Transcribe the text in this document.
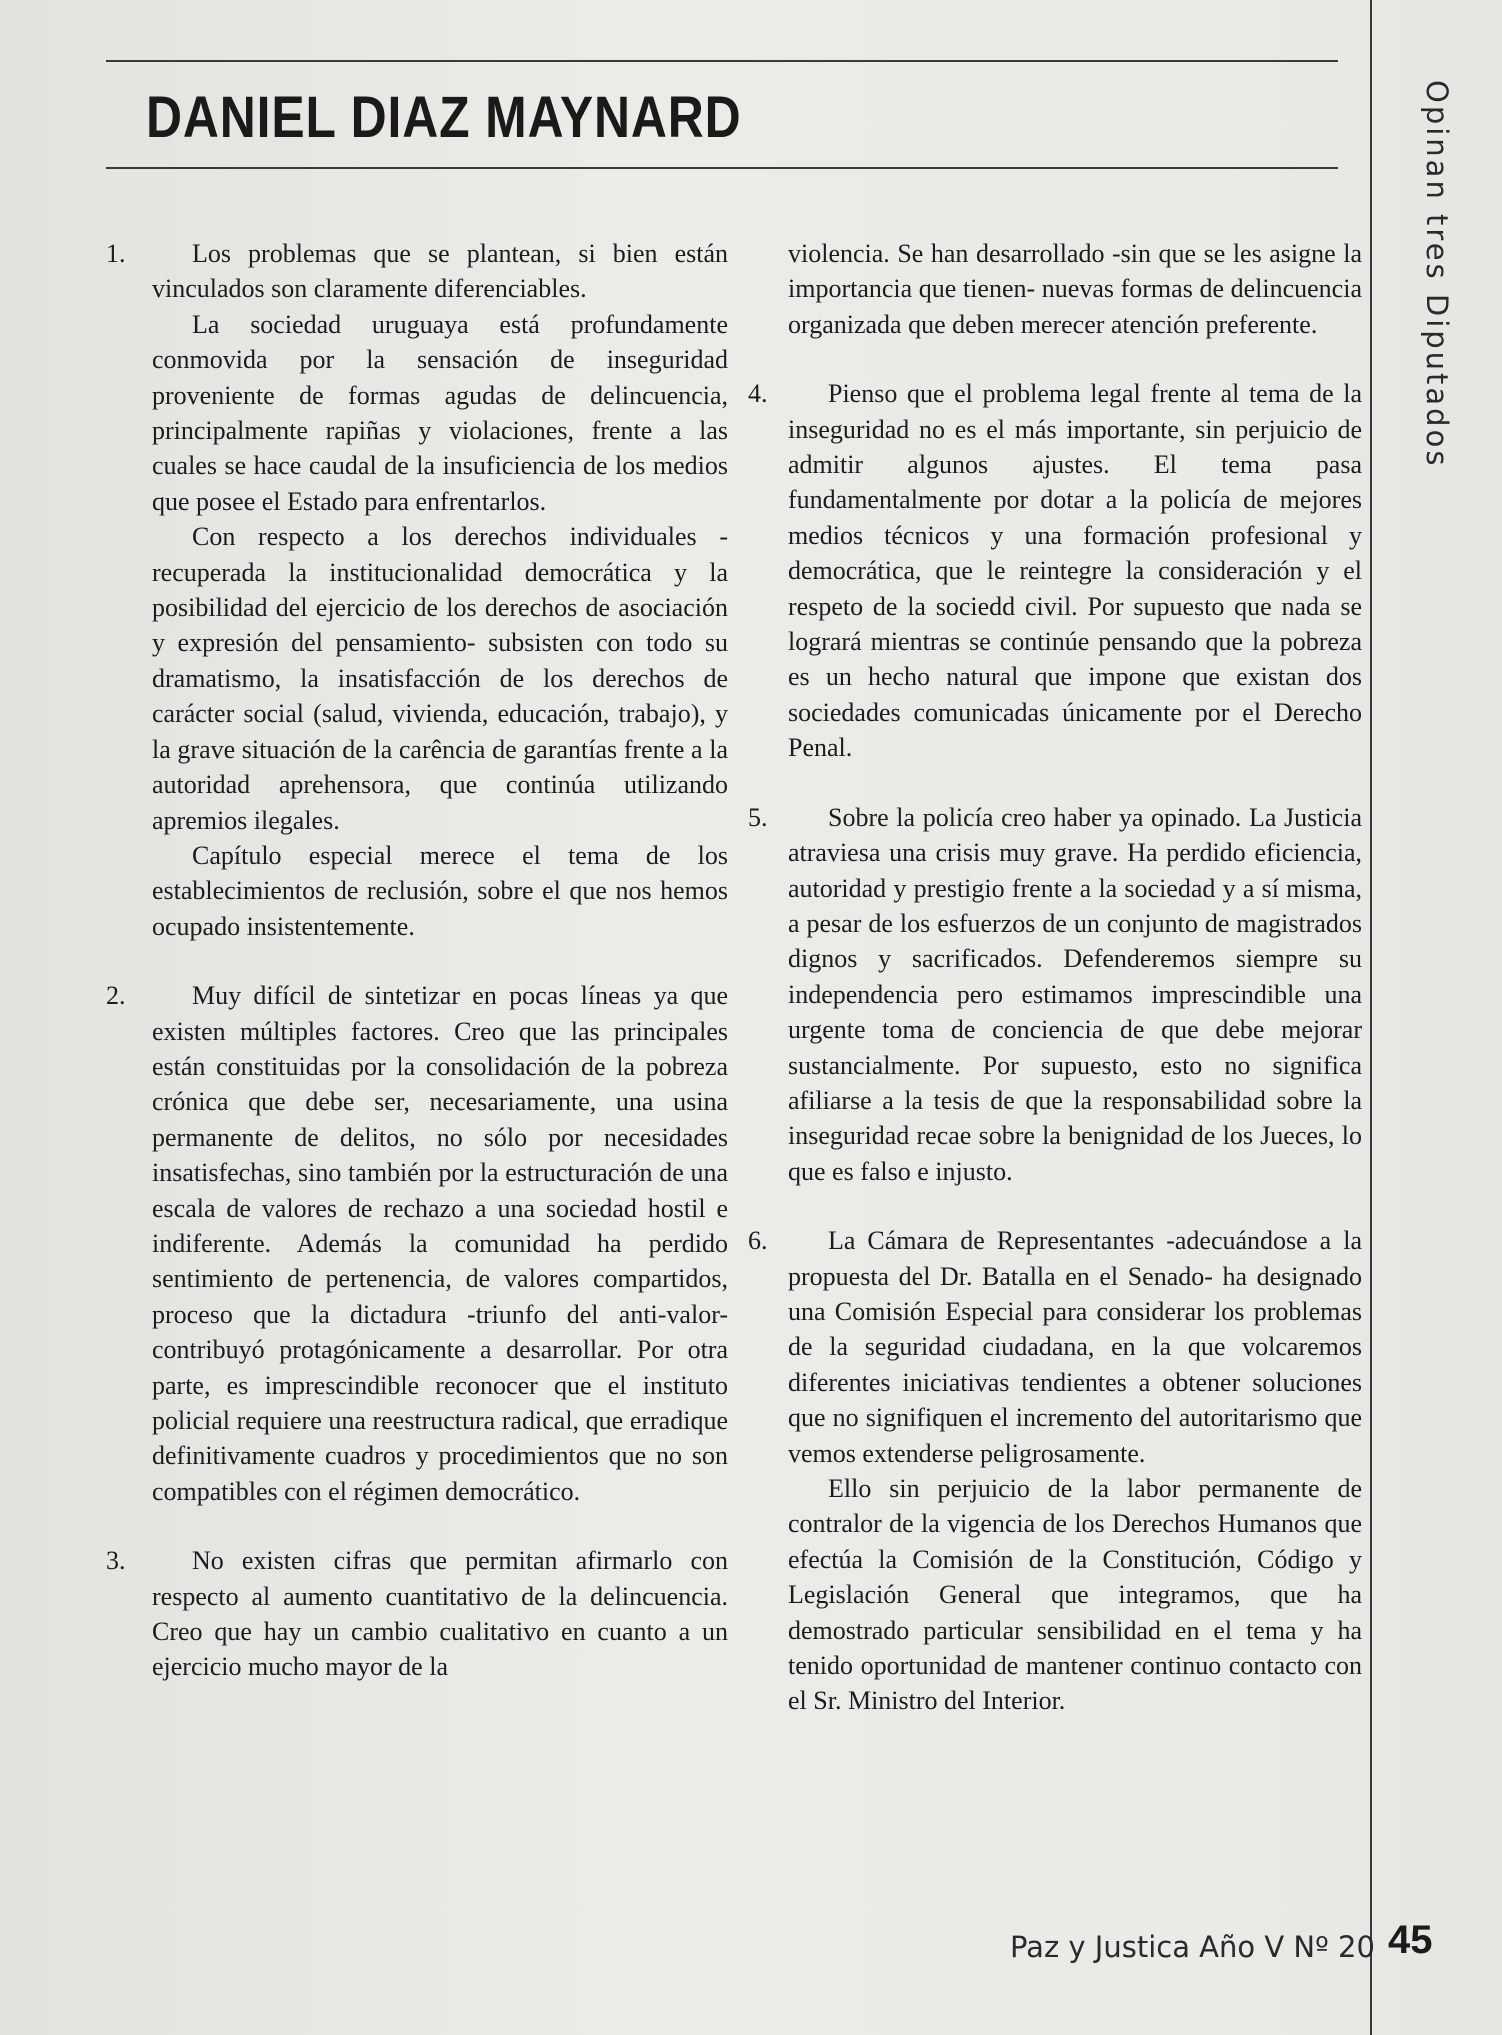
DANIEL DIAZ MAYNARD	Opinan tres Diputados
1.	Los problemas que se plantean, si bien están vinculados son claramente diferenciables.

La sociedad uruguaya está profundamente conmovida por la sensación de inseguridad proveniente de formas agudas de delincuencia, principalmente rapiñas y violaciones, frente a las cuales se hace caudal de la insuficiencia de los medios que posee el Estado para enfrentarlos.

Con respecto a los derechos individuales -recuperada la institucionalidad democrática y la posibilidad del ejercicio de los derechos de asociación y expresión del pensamiento- subsisten con todo su dramatismo, la insatisfacción de los derechos de carácter social (salud, vivienda, educación, trabajo), y la grave situación de la carência de garantías frente a la autoridad aprehensora, que continúa utilizando apremios ilegales.

Capítulo especial merece el tema de los establecimientos de reclusión, sobre el que nos hemos ocupado insistentemente.

2.	Muy difícil de sintetizar en pocas líneas ya que existen múltiples factores. Creo que las principales están constituidas por la consolidación de la pobreza crónica que debe ser, necesariamente, una usina permanente de delitos, no sólo por necesidades insatisfechas, sino también por la estructuración de una escala de valores de rechazo a una sociedad hostil e indiferente. Además la comunidad ha perdido sentimiento de pertenencia, de valores compartidos, proceso que la dictadura -triunfo del anti-valor- contribuyó protagónicamente a desarrollar. Por otra parte, es imprescindible reconocer que el instituto policial requiere una reestructura radical, que erradique definitivamente cuadros y procedimientos que no son compatibles con el régimen democrático.

3.	No existen cifras que permitan afirmarlo con respecto al aumento cuantitativo de la delincuencia. Creo que hay un cambio cualitativo en cuanto a un ejercicio mucho mayor de la

violencia. Se han desarrollado -sin que se les asigne la importancia que tienen- nuevas formas de delincuencia organizada que deben merecer atención preferente.

4.	Pienso que el problema legal frente al tema de la inseguridad no es el más importante, sin perjuicio de admitir algunos ajustes. El tema pasa fundamentalmente por dotar a la policía de mejores medios técnicos y una formación profesional y democrática, que le reintegre la consideración y el respeto de la sociedd civil. Por supuesto que nada se logrará mientras se continúe pensando que la pobreza es un hecho natural que impone que existan dos sociedades comunicadas únicamente por el Derecho Penal.

5.	Sobre la policía creo haber ya opinado. La Justicia atraviesa una crisis muy grave. Ha perdido eficiencia, autoridad y prestigio frente a la sociedad y a sí misma, a pesar de los esfuerzos de un conjunto de magistrados dignos y sacrificados. Defenderemos siempre su independencia pero estimamos imprescindible una urgente toma de conciencia de que debe mejorar sustancialmente. Por supuesto, esto no significa afiliarse a la tesis de que la responsabilidad sobre la inseguridad recae sobre la benignidad de los Jueces, lo que es falso e injusto.

6.	La Cámara de Representantes -adecuándose a la propuesta del Dr. Batalla en el Senado- ha designado una Comisión Especial para considerar los problemas de la seguridad ciudadana, en la que volcaremos diferentes iniciativas tendientes a obtener soluciones que no signifiquen el incremento del autoritarismo que vemos extenderse peligrosamente.

Ello sin perjuicio de la labor permanente de contralor de la vigencia de los Derechos Humanos que efectúa la Comisión de la Constitución, Código y Legislación General que integramos, que ha demostrado particular sensibilidad en el tema y ha tenido oportunidad de mantener continuo contacto con el Sr. Ministro del Interior.

Paz y Justica Año V Nº 20 45
